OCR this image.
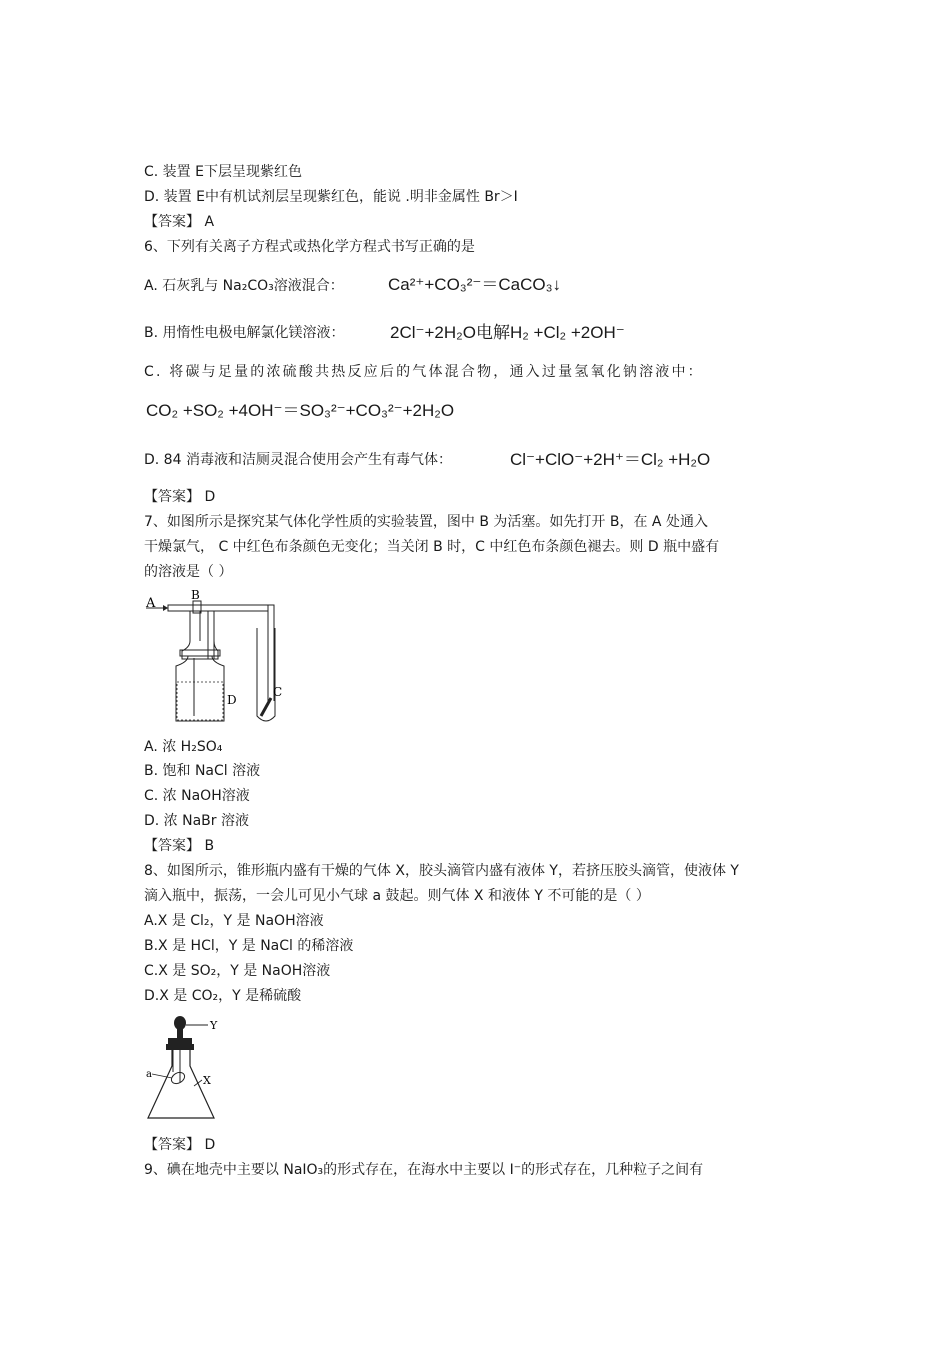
C. 装置 E下层呈现紫红色
D. 装置 E中有机试剂层呈现紫红色，能说 .明非金属性 Br＞I
【答案】 A
6、下列有关离子方程式或热化学方程式书写正确的是
A. 石灰乳与 Na₂CO₃溶液混合：	Ca²⁺+CO₃²⁻＝CaCO₃↓
B. 用惰性电极电解氯化镁溶液：	2Cl⁻+2H₂O电解H₂ +Cl₂ +2OH⁻
C. 将碳与足量的浓硫酸共热反应后的气体混合物，通入过量氢氧化钠溶液中：
CO₂ +SO₂ +4OH⁻＝SO₃²⁻+CO₃²⁻+2H₂O
D. 84 消毒液和洁厕灵混合使用会产生有毒气体：	Cl⁻+ClO⁻+2H⁺＝Cl₂ +H₂O
【答案】 D
7、如图所示是探究某气体化学性质的实验装置，图中 B 为活塞。如先打开 B，在 A 处通入
干燥氯气， C 中红色布条颜色无变化；当关闭 B 时，C 中红色布条颜色褪去。则 D 瓶中盛有
的溶液是（ ）
A
B
C
D
A. 浓 H₂SO₄
B. 饱和 NaCl 溶液
C. 浓 NaOH溶液
D. 浓 NaBr 溶液
【答案】 B
8、如图所示，锥形瓶内盛有干燥的气体 X，胶头滴管内盛有液体 Y，若挤压胶头滴管，使液体 Y
滴入瓶中，振荡，一会儿可见小气球 a 鼓起。则气体 X 和液体 Y 不可能的是（ ）
A.X 是 Cl₂，Y 是 NaOH溶液
B.X 是 HCl，Y 是 NaCl 的稀溶液
C.X 是 SO₂，Y 是 NaOH溶液
D.X 是 CO₂，Y 是稀硫酸
Y
a	X
【答案】 D
9、碘在地壳中主要以 NaIO₃的形式存在，在海水中主要以 I⁻的形式存在，几种粒子之间有
